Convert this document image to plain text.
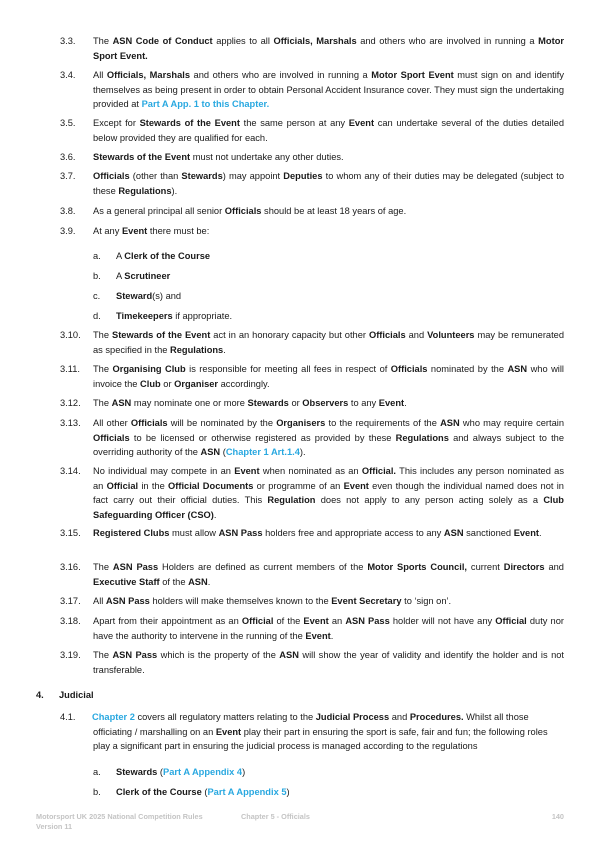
3.3. The ASN Code of Conduct applies to all Officials, Marshals and others who are involved in running a Motor Sport Event.
3.4. All Officials, Marshals and others who are involved in running a Motor Sport Event must sign on and identify themselves as being present in order to obtain Personal Accident Insurance cover. They must sign the undertaking provided at Part A App. 1 to this Chapter.
3.5. Except for Stewards of the Event the same person at any Event can undertake several of the duties detailed below provided they are qualified for each.
3.6. Stewards of the Event must not undertake any other duties.
3.7. Officials (other than Stewards) may appoint Deputies to whom any of their duties may be delegated (subject to these Regulations).
3.8. As a general principal all senior Officials should be at least 18 years of age.
3.9. At any Event there must be:
a. A Clerk of the Course
b. A Scrutineer
c. Steward(s) and
d. Timekeepers if appropriate.
3.10. The Stewards of the Event act in an honorary capacity but other Officials and Volunteers may be remunerated as specified in the Regulations.
3.11. The Organising Club is responsible for meeting all fees in respect of Officials nominated by the ASN who will invoice the Club or Organiser accordingly.
3.12. The ASN may nominate one or more Stewards or Observers to any Event.
3.13. All other Officials will be nominated by the Organisers to the requirements of the ASN who may require certain Officials to be licensed or otherwise registered as provided by these Regulations and always subject to the overriding authority of the ASN (Chapter 1 Art.1.4).
3.14. No individual may compete in an Event when nominated as an Official. This includes any person nominated as an Official in the Official Documents or programme of an Event even though the individual named does not in fact carry out their official duties. This Regulation does not apply to any person acting solely as a Club Safeguarding Officer (CSO).
3.15. Registered Clubs must allow ASN Pass holders free and appropriate access to any ASN sanctioned Event.
3.16. The ASN Pass Holders are defined as current members of the Motor Sports Council, current Directors and Executive Staff of the ASN.
3.17. All ASN Pass holders will make themselves known to the Event Secretary to ‘sign on’.
3.18. Apart from their appointment as an Official of the Event an ASN Pass holder will not have any Official duty nor have the authority to intervene in the running of the Event.
3.19. The ASN Pass which is the property of the ASN will show the year of validity and identify the holder and is not transferable.
4. Judicial
4.1. Chapter 2 covers all regulatory matters relating to the Judicial Process and Procedures. Whilst all those officiating / marshalling on an Event play their part in ensuring the sport is safe, fair and fun; the following roles play a significant part in ensuring the judicial process is managed according to the regulations
a. Stewards (Part A Appendix 4)
b. Clerk of the Course (Part A Appendix 5)
Motorsport UK 2025 National Competition Rules
Version 11
Chapter 5 - Officials	140
